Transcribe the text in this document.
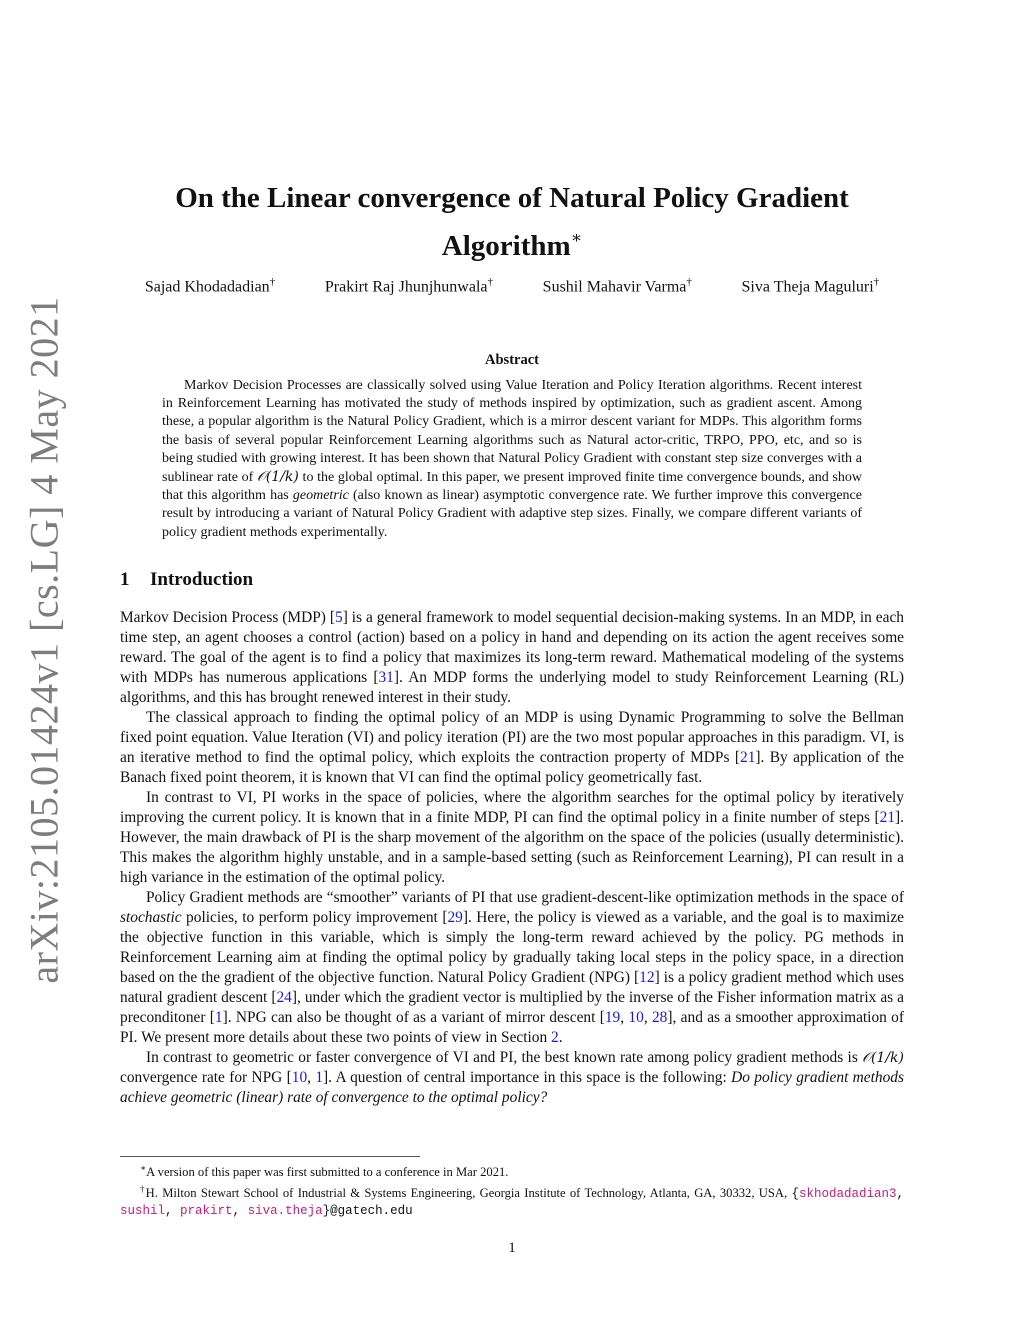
arXiv:2105.01424v1 [cs.LG] 4 May 2021
On the Linear convergence of Natural Policy Gradient
Algorithm∗
Sajad Khodadadian†	Prakirt Raj Jhunjhunwala†	Sushil Mahavir Varma†	Siva Theja Maguluri†
Abstract

Markov Decision Processes are classically solved using Value Iteration and Policy Iteration algorithms. Recent interest in Reinforcement Learning has motivated the study of methods inspired by optimization, such as gradient ascent. Among these, a popular algorithm is the Natural Policy Gradient, which is a mirror descent variant for MDPs. This algorithm forms the basis of several popular Reinforcement Learning algorithms such as Natural actor-critic, TRPO, PPO, etc, and so is being studied with growing interest. It has been shown that Natural Policy Gradient with constant step size converges with a sublinear rate of 𝒪(1/k) to the global optimal. In this paper, we present improved finite time convergence bounds, and show that this algorithm has geometric (also known as linear) asymptotic convergence rate. We further improve this convergence result by introducing a variant of Natural Policy Gradient with adaptive step sizes. Finally, we compare different variants of policy gradient methods experimentally.

1 Introduction

Markov Decision Process (MDP) [5] is a general framework to model sequential decision-making systems. In an MDP, in each time step, an agent chooses a control (action) based on a policy in hand and depending on its action the agent receives some reward. The goal of the agent is to find a policy that maximizes its long-term reward. Mathematical modeling of the systems with MDPs has numerous applications [31]. An MDP forms the underlying model to study Reinforcement Learning (RL) algorithms, and this has brought renewed interest in their study.

The classical approach to finding the optimal policy of an MDP is using Dynamic Programming to solve the Bellman fixed point equation. Value Iteration (VI) and policy iteration (PI) are the two most popular approaches in this paradigm. VI, is an iterative method to find the optimal policy, which exploits the contraction property of MDPs [21]. By application of the Banach fixed point theorem, it is known that VI can find the optimal policy geometrically fast.

In contrast to VI, PI works in the space of policies, where the algorithm searches for the optimal policy by iteratively improving the current policy. It is known that in a finite MDP, PI can find the optimal policy in a finite number of steps [21]. However, the main drawback of PI is the sharp movement of the algorithm on the space of the policies (usually deterministic). This makes the algorithm highly unstable, and in a sample-based setting (such as Reinforcement Learning), PI can result in a high variance in the estimation of the optimal policy.

Policy Gradient methods are “smoother” variants of PI that use gradient-descent-like optimization methods in the space of stochastic policies, to perform policy improvement [29]. Here, the policy is viewed as a variable, and the goal is to maximize the objective function in this variable, which is simply the long-term reward achieved by the policy. PG methods in Reinforcement Learning aim at finding the optimal policy by gradually taking local steps in the policy space, in a direction based on the the gradient of the objective function. Natural Policy Gradient (NPG) [12] is a policy gradient method which uses natural gradient descent [24], under which the gradient vector is multiplied by the inverse of the Fisher information matrix as a preconditoner [1]. NPG can also be thought of as a variant of mirror descent [19, 10, 28], and as a smoother approximation of PI. We present more details about these two points of view in Section 2.

In contrast to geometric or faster convergence of VI and PI, the best known rate among policy gradient methods is 𝒪(1/k) convergence rate for NPG [10, 1]. A question of central importance in this space is the following: Do policy gradient methods achieve geometric (linear) rate of convergence to the optimal policy?

∗A version of this paper was first submitted to a conference in Mar 2021.

†H. Milton Stewart School of Industrial & Systems Engineering, Georgia Institute of Technology, Atlanta, GA, 30332, USA, {skhodadadian3, sushil, prakirt, siva.theja}@gatech.edu

1
